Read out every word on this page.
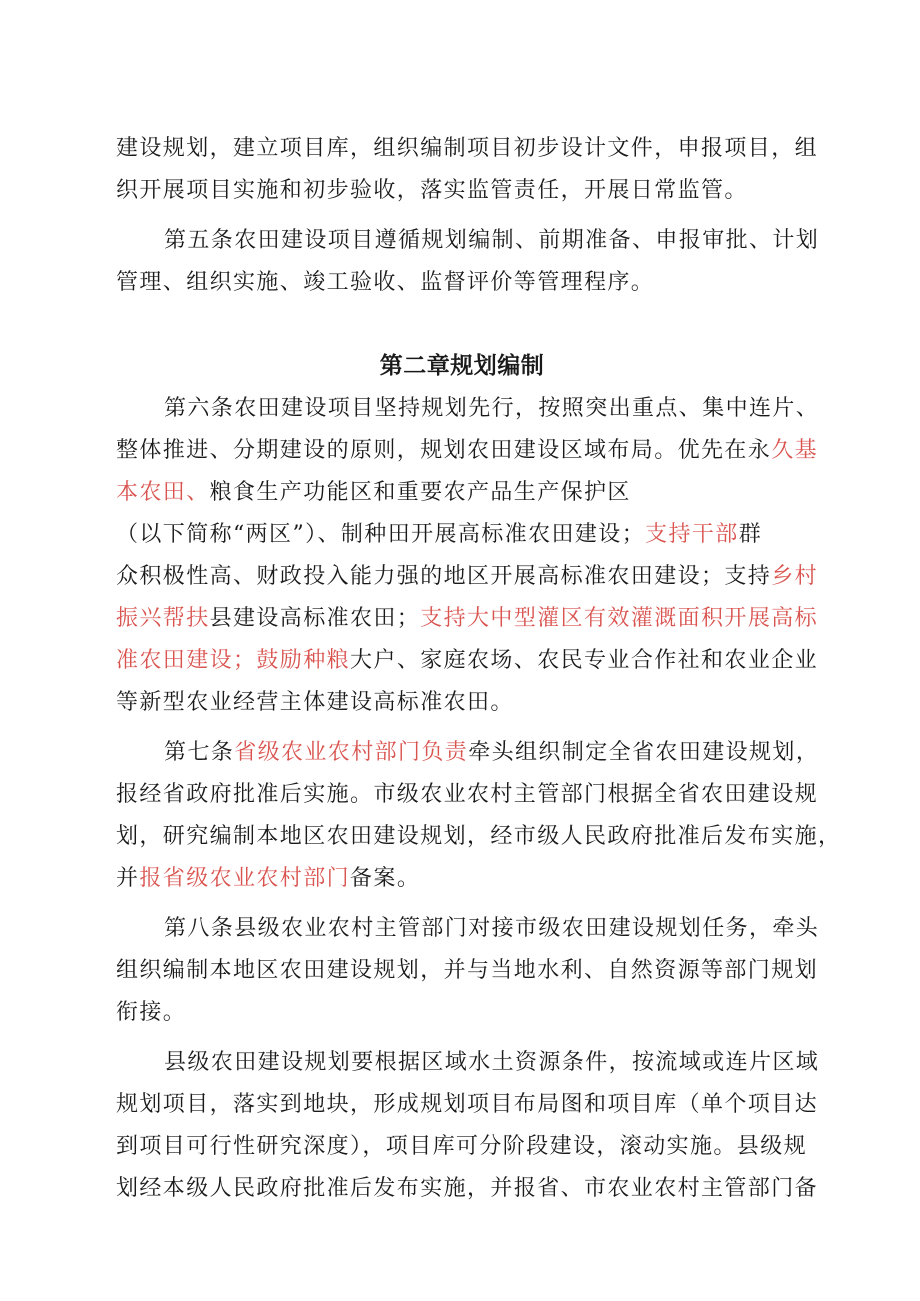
建设规划，建立项目库，组织编制项目初步设计文件，申报项目，组
织开展项目实施和初步验收，落实监管责任，开展日常监管。
第五条农田建设项目遵循规划编制、前期准备、申报审批、计划
管理、组织实施、竣工验收、监督评价等管理程序。
第二章规划编制
第六条农田建设项目坚持规划先行，按照突出重点、集中连片、
整体推进、分期建设的原则，规划农田建设区域布局。优先在永久基
本农田、粮食生产功能区和重要农产品生产保护区
（以下简称“两区”）、制种田开展高标准农田建设；支持干部群
众积极性高、财政投入能力强的地区开展高标准农田建设；支持乡村
振兴帮扶县建设高标准农田；支持大中型灌区有效灌溉面积开展高标
准农田建设；鼓励种粮大户、家庭农场、农民专业合作社和农业企业
等新型农业经营主体建设高标准农田。
第七条省级农业农村部门负责牵头组织制定全省农田建设规划，
报经省政府批准后实施。市级农业农村主管部门根据全省农田建设规
划，研究编制本地区农田建设规划，经市级人民政府批准后发布实施，
并报省级农业农村部门备案。
第八条县级农业农村主管部门对接市级农田建设规划任务，牵头
组织编制本地区农田建设规划，并与当地水利、自然资源等部门规划
衔接。
县级农田建设规划要根据区域水土资源条件，按流域或连片区域
规划项目，落实到地块，形成规划项目布局图和项目库（单个项目达
到项目可行性研究深度），项目库可分阶段建设，滚动实施。县级规
划经本级人民政府批准后发布实施，并报省、市农业农村主管部门备
